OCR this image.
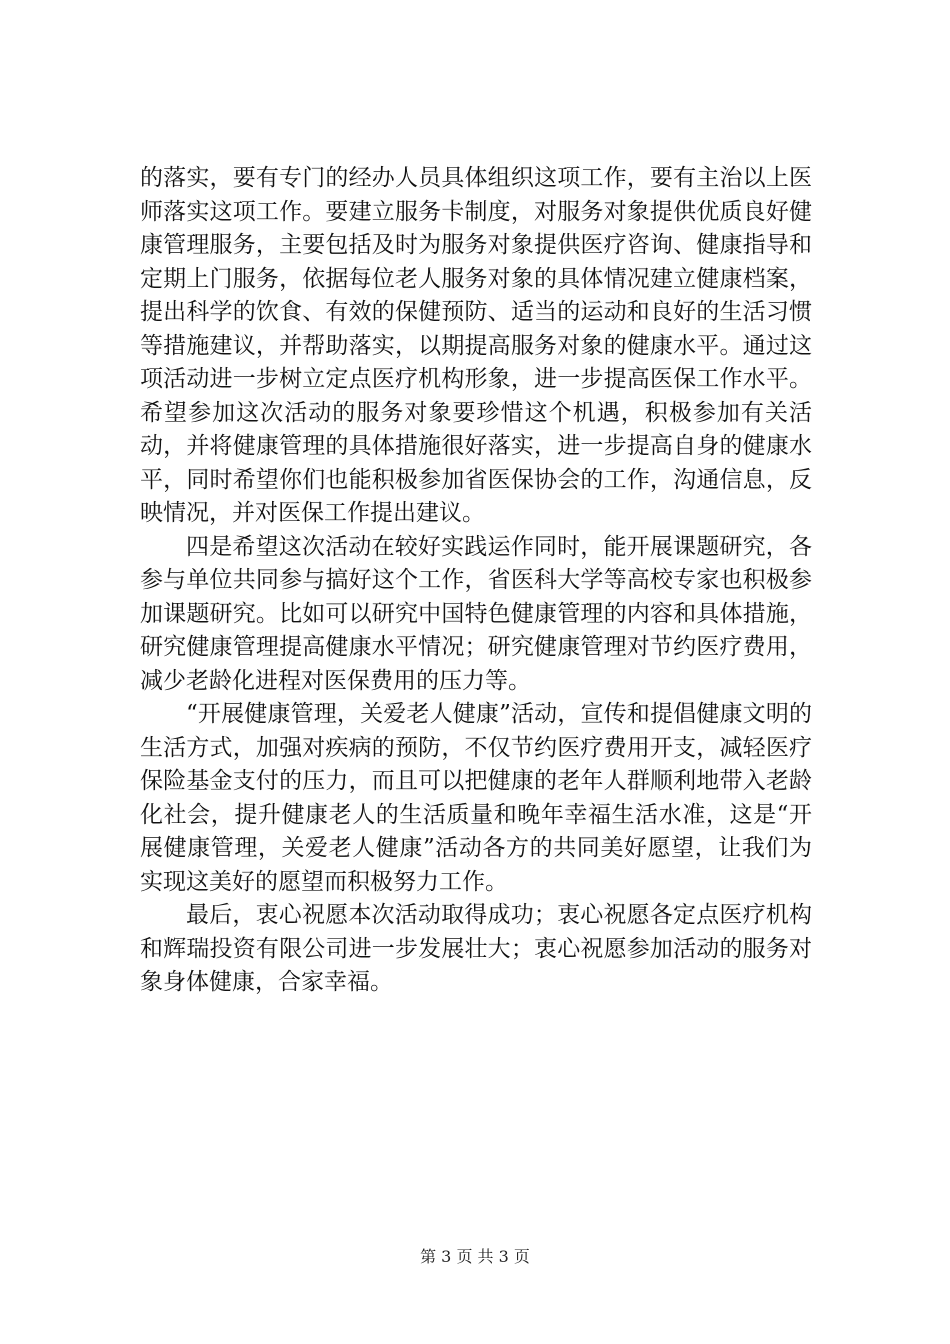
的落实，要有专门的经办人员具体组织这项工作，要有主治以上医师落实这项工作。要建立服务卡制度，对服务对象提供优质良好健康管理服务，主要包括及时为服务对象提供医疗咨询、健康指导和定期上门服务，依据每位老人服务对象的具体情况建立健康档案，提出科学的饮食、有效的保健预防、适当的运动和良好的生活习惯等措施建议，并帮助落实，以期提高服务对象的健康水平。通过这项活动进一步树立定点医疗机构形象，进一步提高医保工作水平。希望参加这次活动的服务对象要珍惜这个机遇，积极参加有关活动，并将健康管理的具体措施很好落实，进一步提高自身的健康水平，同时希望你们也能积极参加省医保协会的工作，沟通信息，反映情况，并对医保工作提出建议。

四是希望这次活动在较好实践运作同时，能开展课题研究，各参与单位共同参与搞好这个工作，省医科大学等高校专家也积极参加课题研究。比如可以研究中国特色健康管理的内容和具体措施，研究健康管理提高健康水平情况；研究健康管理对节约医疗费用，减少老龄化进程对医保费用的压力等。

“开展健康管理，关爱老人健康”活动，宣传和提倡健康文明的生活方式，加强对疾病的预防，不仅节约医疗费用开支，减轻医疗保险基金支付的压力，而且可以把健康的老年人群顺利地带入老龄化社会，提升健康老人的生活质量和晚年幸福生活水准，这是“开展健康管理，关爱老人健康”活动各方的共同美好愿望，让我们为实现这美好的愿望而积极努力工作。

最后，衷心祝愿本次活动取得成功；衷心祝愿各定点医疗机构和辉瑞投资有限公司进一步发展壮大；衷心祝愿参加活动的服务对象身体健康，合家幸福。

第 3 页 共 3 页
